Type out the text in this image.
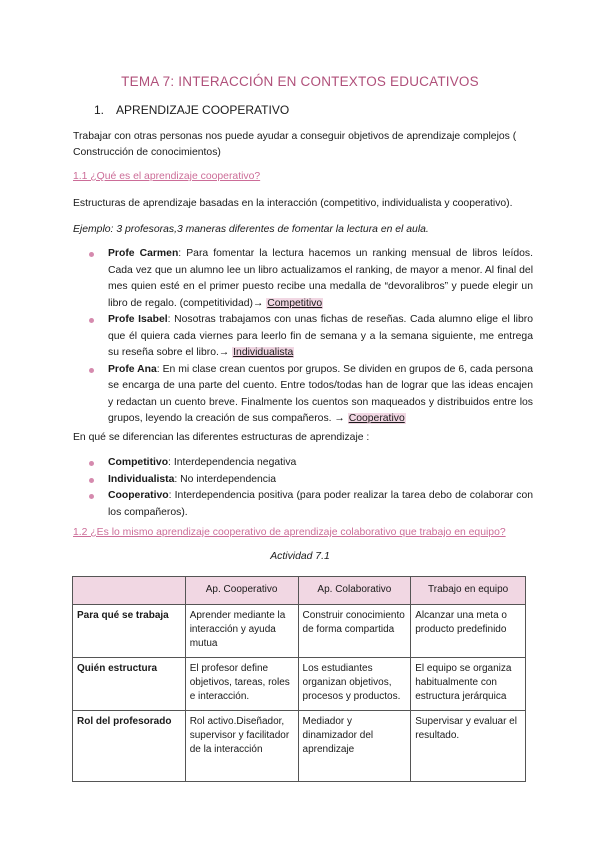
TEMA 7: INTERACCIÓN EN CONTEXTOS EDUCATIVOS
1. APRENDIZAJE COOPERATIVO
Trabajar con otras personas nos puede ayudar a conseguir objetivos de aprendizaje complejos ( Construcción de conocimientos)
1.1 ¿Qué es el aprendizaje cooperativo?
Estructuras de aprendizaje basadas en la interacción (competitivo, individualista y cooperativo).
Ejemplo: 3 profesoras,3 maneras diferentes de fomentar la lectura en el aula.
Profe Carmen: Para fomentar la lectura hacemos un ranking mensual de libros leídos. Cada vez que un alumno lee un libro actualizamos el ranking, de mayor a menor. Al final del mes quien esté en el primer puesto recibe una medalla de “devoralibros” y puede elegir un libro de regalo. (competitividad)→ Competitivo
Profe Isabel: Nosotras trabajamos con unas fichas de reseñas. Cada alumno elige el libro que él quiera cada viernes para leerlo fin de semana y a la semana siguiente, me entrega su reseña sobre el libro.→ Individualista
Profe Ana: En mi clase crean cuentos por grupos. Se dividen en grupos de 6, cada persona se encarga de una parte del cuento. Entre todos/todas han de lograr que las ideas encajen y redactan un cuento breve. Finalmente los cuentos son maqueados y distribuidos entre los grupos, leyendo la creación de sus compañeros. → Cooperativo
En qué se diferencian las diferentes estructuras de aprendizaje :
Competitivo: Interdependencia negativa
Individualista: No interdependencia
Cooperativo: Interdependencia positiva (para poder realizar la tarea debo de colaborar con los compañeros).
1.2 ¿Es lo mismo aprendizaje cooperativo de aprendizaje colaborativo que trabajo en equipo?
Actividad 7.1
	Ap. Cooperativo	Ap. Colaborativo	Trabajo en equipo
Para qué se trabaja	Aprender mediante la interacción y ayuda mutua	Construir conocimiento de forma compartida	Alcanzar una meta o producto predefinido
Quién estructura	El profesor define objetivos, tareas, roles e interacción.	Los estudiantes organizan objetivos, procesos y productos.	El equipo se organiza habitualmente con estructura jerárquica
Rol del profesorado	Rol activo.Diseñador, supervisor y facilitador de la interacción	Mediador y dinamizador del aprendizaje	Supervisar y evaluar el resultado.
